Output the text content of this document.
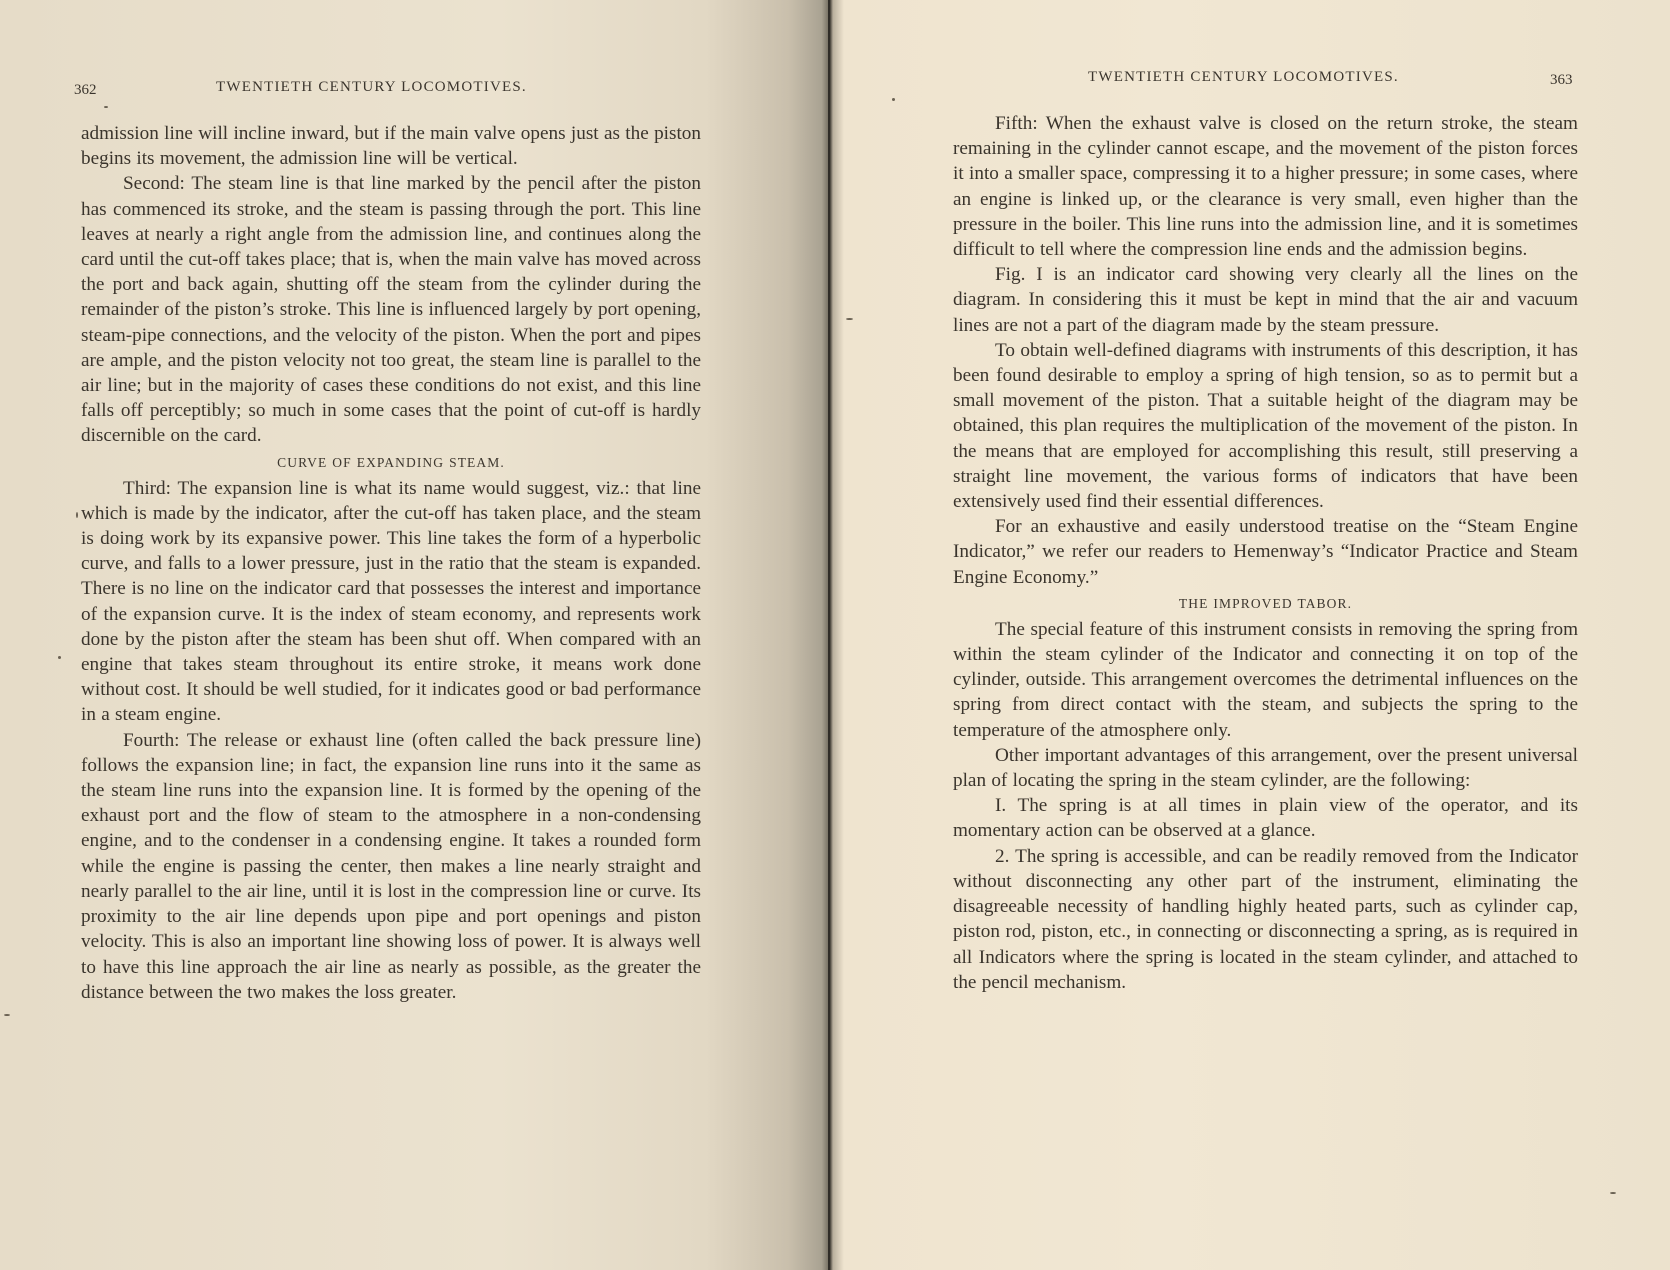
362	TWENTIETH CENTURY LOCOMOTIVES.

admission line will incline inward, but if the main valve opens just as the piston begins its movement, the admission line will be vertical.

Second: The steam line is that line marked by the pencil after the piston has commenced its stroke, and the steam is passing through the port. This line leaves at nearly a right angle from the admission line, and continues along the card until the cut-off takes place; that is, when the main valve has moved across the port and back again, shutting off the steam from the cylinder during the remainder of the piston’s stroke. This line is influenced largely by port opening, steam-pipe connections, and the velocity of the piston. When the port and pipes are ample, and the piston velocity not too great, the steam line is parallel to the air line; but in the majority of cases these conditions do not exist, and this line falls off perceptibly; so much in some cases that the point of cut-off is hardly discernible on the card.

CURVE OF EXPANDING STEAM.

Third: The expansion line is what its name would suggest, viz.: that line which is made by the indicator, after the cut-off has taken place, and the steam is doing work by its expansive power. This line takes the form of a hyperbolic curve, and falls to a lower pressure, just in the ratio that the steam is expanded. There is no line on the indicator card that possesses the interest and importance of the expansion curve. It is the index of steam economy, and represents work done by the piston after the steam has been shut off. When compared with an engine that takes steam throughout its entire stroke, it means work done without cost. It should be well studied, for it indicates good or bad performance in a steam engine.

Fourth: The release or exhaust line (often called the back pressure line) follows the expansion line; in fact, the expansion line runs into it the same as the steam line runs into the expansion line. It is formed by the opening of the exhaust port and the flow of steam to the atmosphere in a non-condensing engine, and to the condenser in a condensing engine. It takes a rounded form while the engine is passing the center, then makes a line nearly straight and nearly parallel to the air line, until it is lost in the compression line or curve. Its proximity to the air line depends upon pipe and port openings and piston velocity. This is also an important line showing loss of power. It is always well to have this line approach the air line as nearly as possible, as the greater the distance between the two makes the loss greater.

TWENTIETH CENTURY LOCOMOTIVES.	363

Fifth: When the exhaust valve is closed on the return stroke, the steam remaining in the cylinder cannot escape, and the movement of the piston forces it into a smaller space, compressing it to a higher pressure; in some cases, where an engine is linked up, or the clearance is very small, even higher than the pressure in the boiler. This line runs into the admission line, and it is sometimes difficult to tell where the compression line ends and the admission begins.

Fig. I is an indicator card showing very clearly all the lines on the diagram. In considering this it must be kept in mind that the air and vacuum lines are not a part of the diagram made by the steam pressure.

To obtain well-defined diagrams with instruments of this description, it has been found desirable to employ a spring of high tension, so as to permit but a small movement of the piston. That a suitable height of the diagram may be obtained, this plan requires the multiplication of the movement of the piston. In the means that are employed for accomplishing this result, still preserving a straight line movement, the various forms of indicators that have been extensively used find their essential differences.

For an exhaustive and easily understood treatise on the “Steam Engine Indicator,” we refer our readers to Hemenway’s “Indicator Practice and Steam Engine Economy.”

THE IMPROVED TABOR.

The special feature of this instrument consists in removing the spring from within the steam cylinder of the Indicator and connecting it on top of the cylinder, outside. This arrangement overcomes the detrimental influences on the spring from direct contact with the steam, and subjects the spring to the temperature of the atmosphere only.

Other important advantages of this arrangement, over the present universal plan of locating the spring in the steam cylinder, are the following:

I. The spring is at all times in plain view of the operator, and its momentary action can be observed at a glance.

2. The spring is accessible, and can be readily removed from the Indicator without disconnecting any other part of the instrument, eliminating the disagreeable necessity of handling highly heated parts, such as cylinder cap, piston rod, piston, etc., in connecting or disconnecting a spring, as is required in all Indicators where the spring is located in the steam cylinder, and attached to the pencil mechanism.
